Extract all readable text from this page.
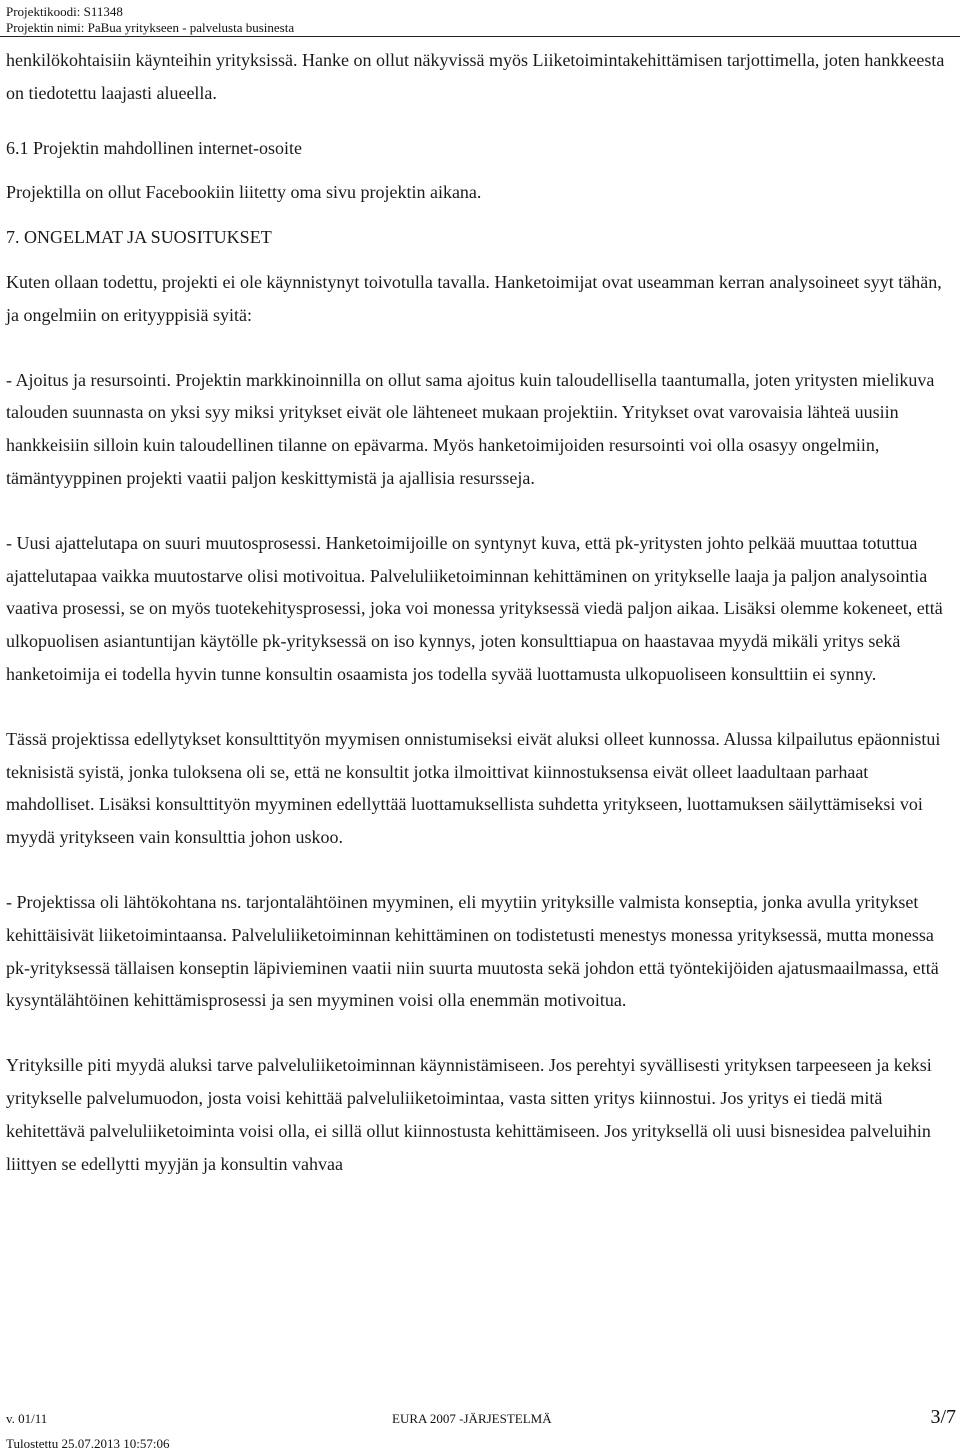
Projektikoodi: S11348
Projektin nimi: PaBua yritykseen - palvelusta businesta

henkilökohtaisiin käynteihin yrityksissä. Hanke on ollut näkyvissä myös Liiketoimintakehittämisen tarjottimella, joten hankkeesta on tiedotettu laajasti alueella.

6.1 Projektin mahdollinen internet-osoite

Projektilla on ollut Facebookiin liitetty oma sivu projektin aikana.

7. ONGELMAT JA SUOSITUKSET

Kuten ollaan todettu, projekti ei ole käynnistynyt toivotulla tavalla. Hanketoimijat ovat useamman kerran analysoineet syyt tähän, ja ongelmiin on erityyppisiä syitä:

- Ajoitus ja resursointi. Projektin markkinoinnilla on ollut sama ajoitus kuin taloudellisella taantumalla, joten yritysten mielikuva talouden suunnasta on yksi syy miksi yritykset eivät ole lähteneet mukaan projektiin. Yritykset ovat varovaisia lähteä uusiin hankkeisiin silloin kuin taloudellinen tilanne on epävarma. Myös hanketoimijoiden resursointi voi olla osasyy ongelmiin, tämäntyyppinen projekti vaatii paljon keskittymistä ja ajallisia resursseja.

- Uusi ajattelutapa on suuri muutosprosessi. Hanketoimijoille on syntynyt kuva, että pk-yritysten johto pelkää muuttaa totuttua ajattelutapaa vaikka muutostarve olisi motivoitua. Palveluliiketoiminnan kehittäminen on yritykselle laaja ja paljon analysointia vaativa prosessi, se on myös tuotekehitysprosessi, joka voi monessa yrityksessä viedä paljon aikaa. Lisäksi olemme kokeneet, että ulkopuolisen asiantuntijan käytölle pk-yrityksessä on iso kynnys, joten konsulttiapua on haastavaa myydä mikäli yritys sekä hanketoimija ei todella hyvin tunne konsultin osaamista jos todella syvää luottamusta ulkopuoliseen konsulttiin ei synny.

Tässä projektissa edellytykset konsulttityön myymisen onnistumiseksi eivät aluksi olleet kunnossa. Alussa kilpailutus epäonnistui teknisistä syistä, jonka tuloksena oli se, että ne konsultit jotka ilmoittivat kiinnostuksensa eivät olleet laadultaan parhaat mahdolliset. Lisäksi konsulttityön myyminen edellyttää luottamuksellista suhdetta yritykseen, luottamuksen säilyttämiseksi voi myydä yritykseen vain konsulttia johon uskoo.

- Projektissa oli lähtökohtana ns. tarjontalähtöinen myyminen, eli myytiin yrityksille valmista konseptia, jonka avulla yritykset kehittäisivät liiketoimintaansa. Palveluliiketoiminnan kehittäminen on todistetusti menestys monessa yrityksessä, mutta monessa pk-yrityksessä tällaisen konseptin läpivieminen vaatii niin suurta muutosta sekä johdon että työntekijöiden ajatusmaailmassa, että kysyntälähtöinen kehittämisprosessi ja sen myyminen voisi olla enemmän motivoitua.

Yrityksille piti myydä aluksi tarve palveluliiketoiminnan käynnistämiseen. Jos perehtyi syvällisesti yrityksen tarpeeseen ja keksi yritykselle palvelumuodon, josta voisi kehittää palveluliiketoimintaa, vasta sitten yritys kiinnostui. Jos yritys ei tiedä mitä kehitettävä palveluliiketoiminta voisi olla, ei sillä ollut kiinnostusta kehittämiseen. Jos yrityksellä oli uusi bisnesidea palveluihin liittyen se edellytti myyjän ja konsultin vahvaa

v. 01/11	EURA 2007 -JÄRJESTELMÄ	3/7
Tulostettu 25.07.2013 10:57:06
